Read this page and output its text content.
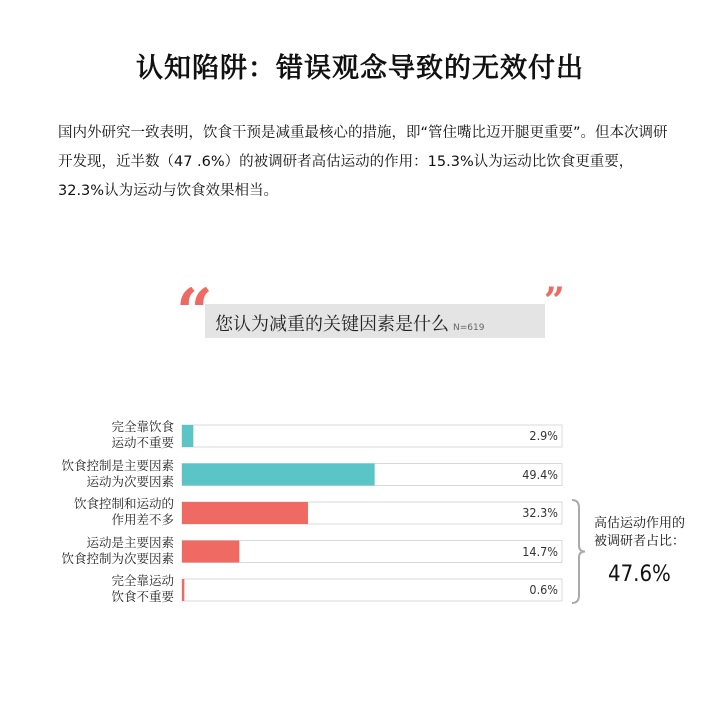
认知陷阱：错误观念导致的无效付出
国内外研究一致表明，饮食干预是减重最核心的措施，即“管住嘴比迈开腿更重要”。但本次调研开发现，近半数（47 .6%）的被调研者高估运动的作用：15.3%认为运动比饮食更重要，32.3%认为运动与饮食效果相当。
您认为减重的关键因素是什么 N=619
“	”
完全靠饮食
运动不重要	2.9%
饮食控制是主要因素
运动为次要因素	49.4%
饮食控制和运动的
作用差不多	32.3%
运动是主要因素
饮食控制为次要因素	14.7%
完全靠运动
饮食不重要	0.6%
高估运动作用的
被调研者占比：
47.6%
